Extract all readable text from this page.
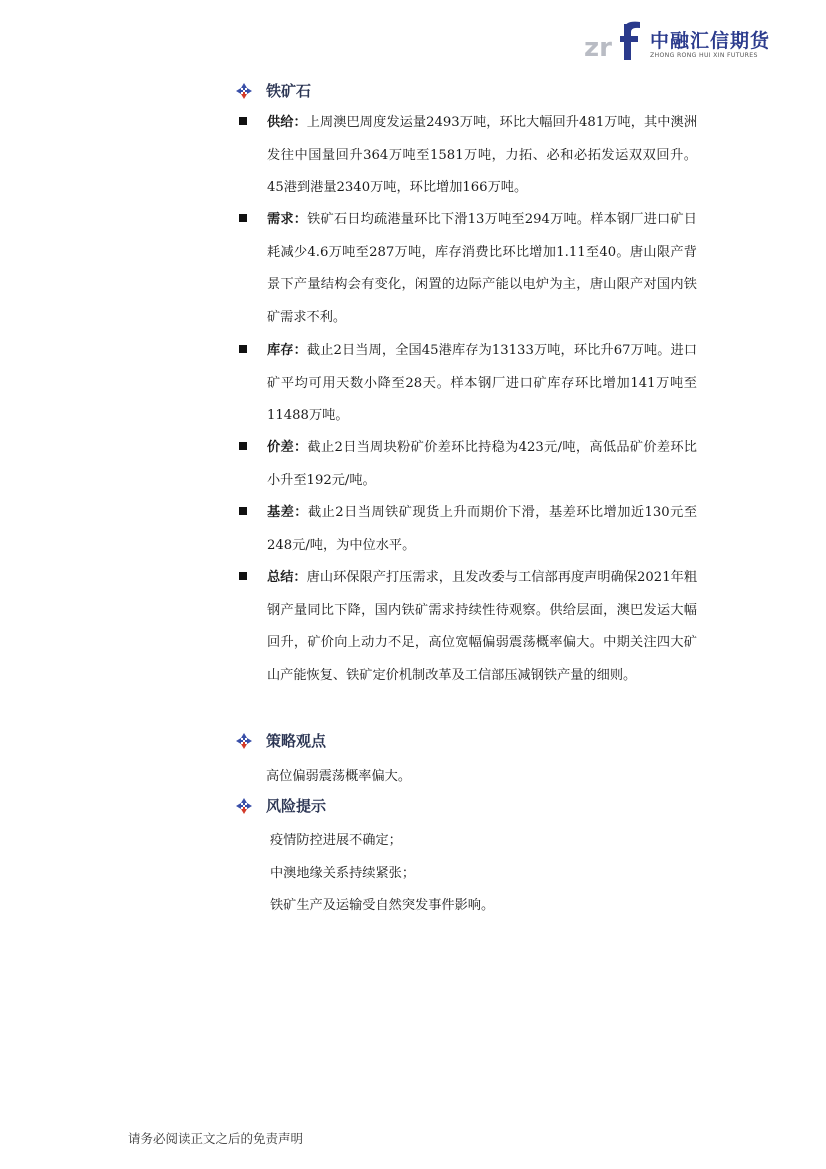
zr 中融汇信期货
ZHONG RONG HUI XIN FUTURES
铁矿石
供给：上周澳巴周度发运量2493万吨，环比大幅回升481万吨，其中澳洲发往中国量回升364万吨至1581万吨，力拓、必和必拓发运双双回升。45港到港量2340万吨，环比增加166万吨。
需求：铁矿石日均疏港量环比下滑13万吨至294万吨。样本钢厂进口矿日耗减少4.6万吨至287万吨，库存消费比环比增加1.11至40。唐山限产背景下产量结构会有变化，闲置的边际产能以电炉为主，唐山限产对国内铁矿需求不利。
库存：截止2日当周，全国45港库存为13133万吨，环比升67万吨。进口矿平均可用天数小降至28天。样本钢厂进口矿库存环比增加141万吨至11488万吨。
价差：截止2日当周块粉矿价差环比持稳为423元/吨，高低品矿价差环比小升至192元/吨。
基差：截止2日当周铁矿现货上升而期价下滑，基差环比增加近130元至248元/吨，为中位水平。
总结：唐山环保限产打压需求，且发改委与工信部再度声明确保2021年粗钢产量同比下降，国内铁矿需求持续性待观察。供给层面，澳巴发运大幅回升，矿价向上动力不足，高位宽幅偏弱震荡概率偏大。中期关注四大矿山产能恢复、铁矿定价机制改革及工信部压减钢铁产量的细则。
策略观点
高位偏弱震荡概率偏大。
风险提示
疫情防控进展不确定；
中澳地缘关系持续紧张；
铁矿生产及运输受自然突发事件影响。
请务必阅读正文之后的免责声明
